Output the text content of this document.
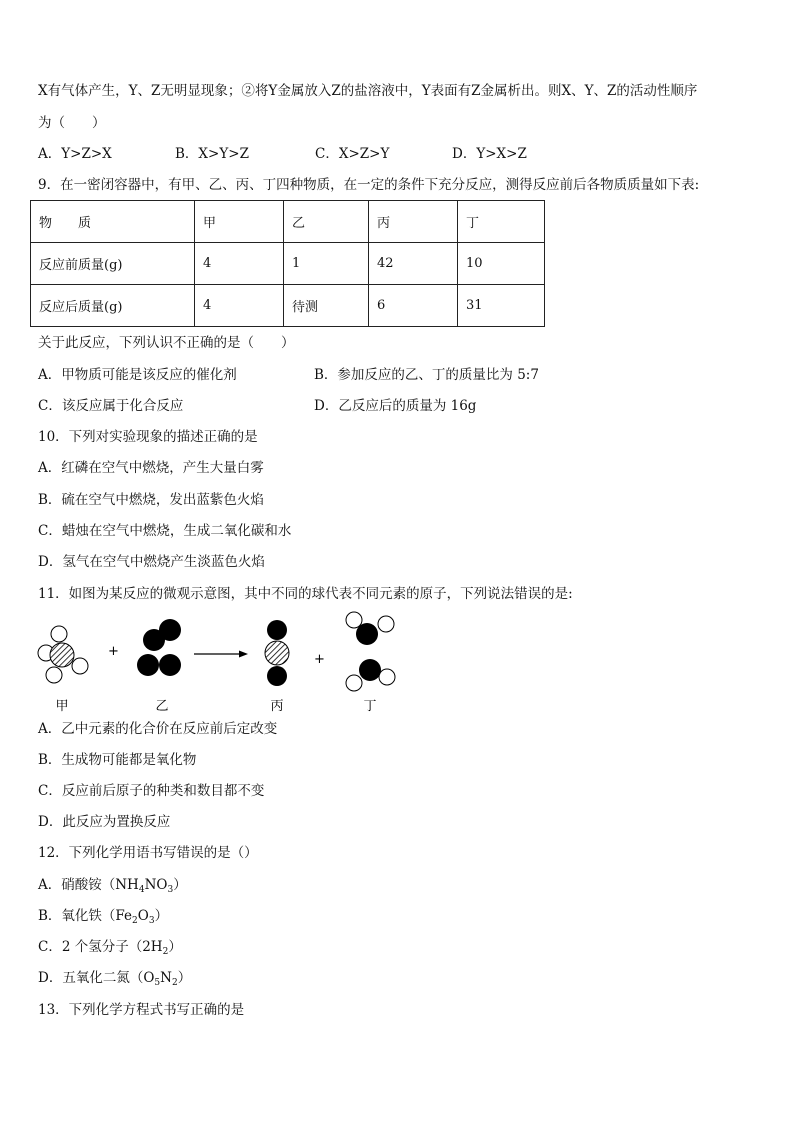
X有气体产生，Y、Z无明显现象；②将Y金属放入Z的盐溶液中，Y表面有Z金属析出。则X、Y、Z的活动性顺序
为（　　）
A．Y>Z>X	B．X>Y>Z	C．X>Z>Y	D．Y>X>Z
9．在一密闭容器中，有甲、乙、丙、丁四种物质，在一定的条件下充分反应，测得反应前后各物质质量如下表:
物　　质	甲	乙	丙	丁
反应前质量(g)	4	1	42	10
反应后质量(g)	4	待测	6	31
关于此反应，下列认识不正确的是（　　）
A．甲物质可能是该反应的催化剂	B．参加反应的乙、丁的质量比为 5:7
C．该反应属于化合反应	D．乙反应后的质量为 16g
10．下列对实验现象的描述正确的是
A．红磷在空气中燃烧，产生大量白雾
B．硫在空气中燃烧，发出蓝紫色火焰
C．蜡烛在空气中燃烧，生成二氧化碳和水
D．氢气在空气中燃烧产生淡蓝色火焰
11．如图为某反应的微观示意图，其中不同的球代表不同元素的原子，下列说法错误的是:
+
+
甲	乙	丙	丁
A．乙中元素的化合价在反应前后定改变
B．生成物可能都是氧化物
C．反应前后原子的种类和数目都不变
D．此反应为置换反应
12．下列化学用语书写错误的是（）
A．硝酸铵$(NH_4NO_3)$
B．氧化铁$(Fe_2O_3)$
C．2 个氢分子$(2H_2)$
D．五氧化二氮$(O_5N_2)$
13．下列化学方程式书写正确的是
